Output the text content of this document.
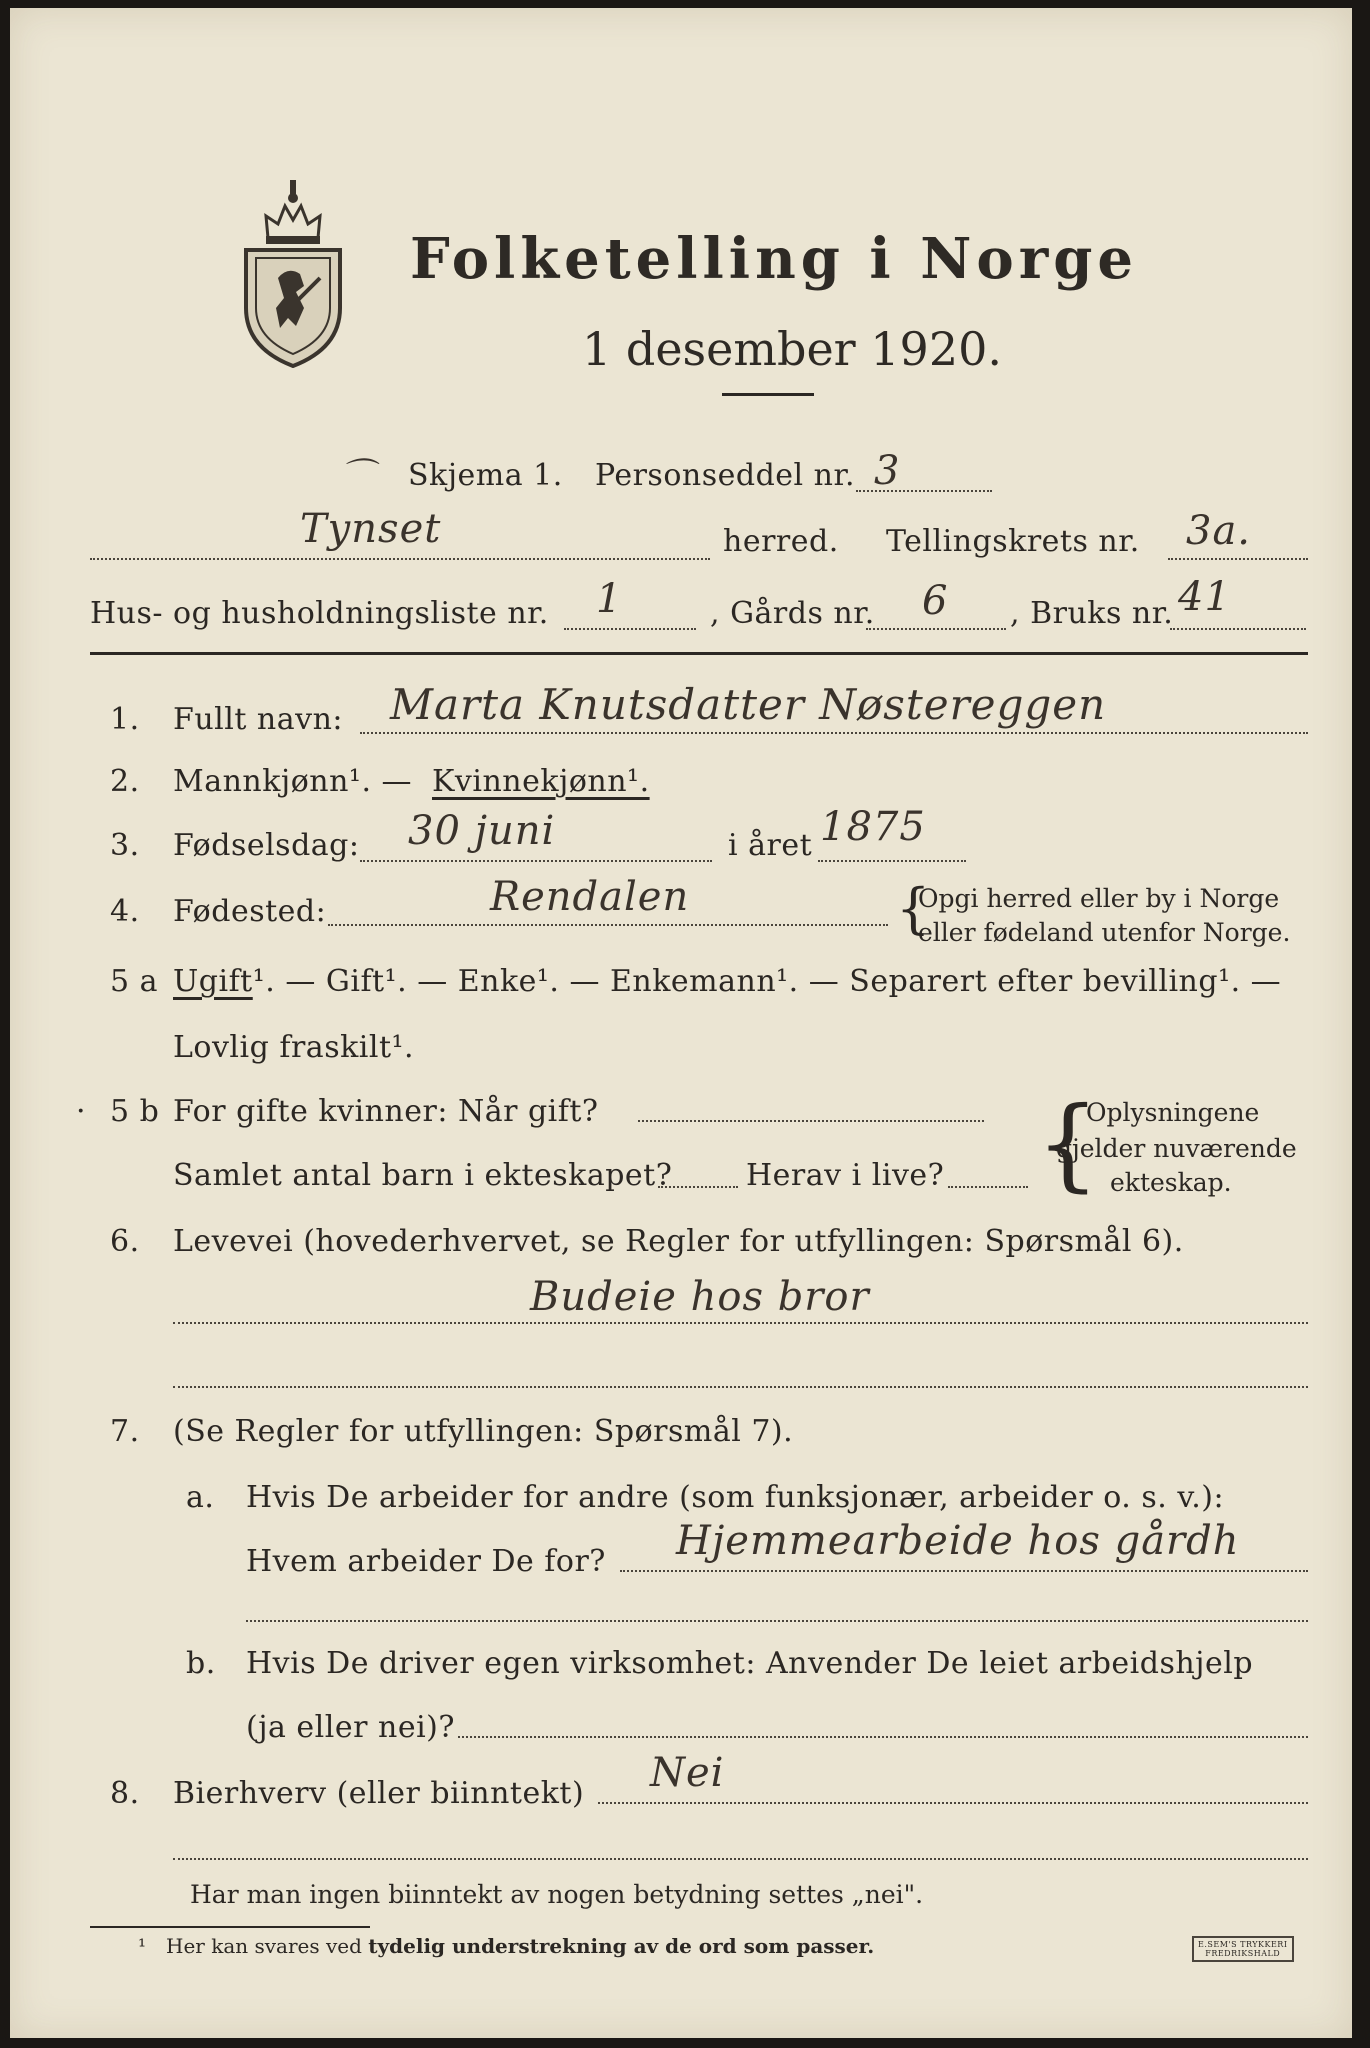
Folketelling i Norge
1 desember 1920.
⌒ Skjema 1. Personseddel nr. 3
Tynset	herred. Tellingskrets nr. 3a.
Hus- og husholdningsliste nr. 1	, Gårds nr. 6 , Bruks nr. 41
1. Fullt navn: Marta Knutsdatter Nøstereggen
2. Mannkjønn¹. — Kvinnekjønn¹.
3. Fødselsdag: 30 juni	i året 1875
4. Fødested:	Rendalen	{
Opgi herred eller by i Norge
eller fødeland utenfor Norge.
5 a Ugift¹. — Gift¹. — Enke¹. — Enkemann¹. — Separert efter bevilling¹. —
Lovlig fraskilt¹.
· 5 b For gifte kvinner: Når gift?
Samlet antal barn i ekteskapet? Herav i live? {
Oplysningene
gjelder nuværende
ekteskap.
6. Levevei (hovederhvervet, se Regler for utfyllingen: Spørsmål 6).
Budeie hos bror
7. (Se Regler for utfyllingen: Spørsmål 7).
a. Hvis De arbeider for andre (som funksjonær, arbeider o. s. v.):
Hvem arbeider De for? Hjemmearbeide hos gårdh
b. Hvis De driver egen virksomhet: Anvender De leiet arbeidshjelp
(ja eller nei)?
8. Bierhverv (eller biinntekt) Nei
Har man ingen biinntekt av nogen betydning settes „nei".
¹ Her kan svares ved tydelig understrekning av de ord som passer.	E.SEM'S TRYKKERI
FREDRIKSHALD
